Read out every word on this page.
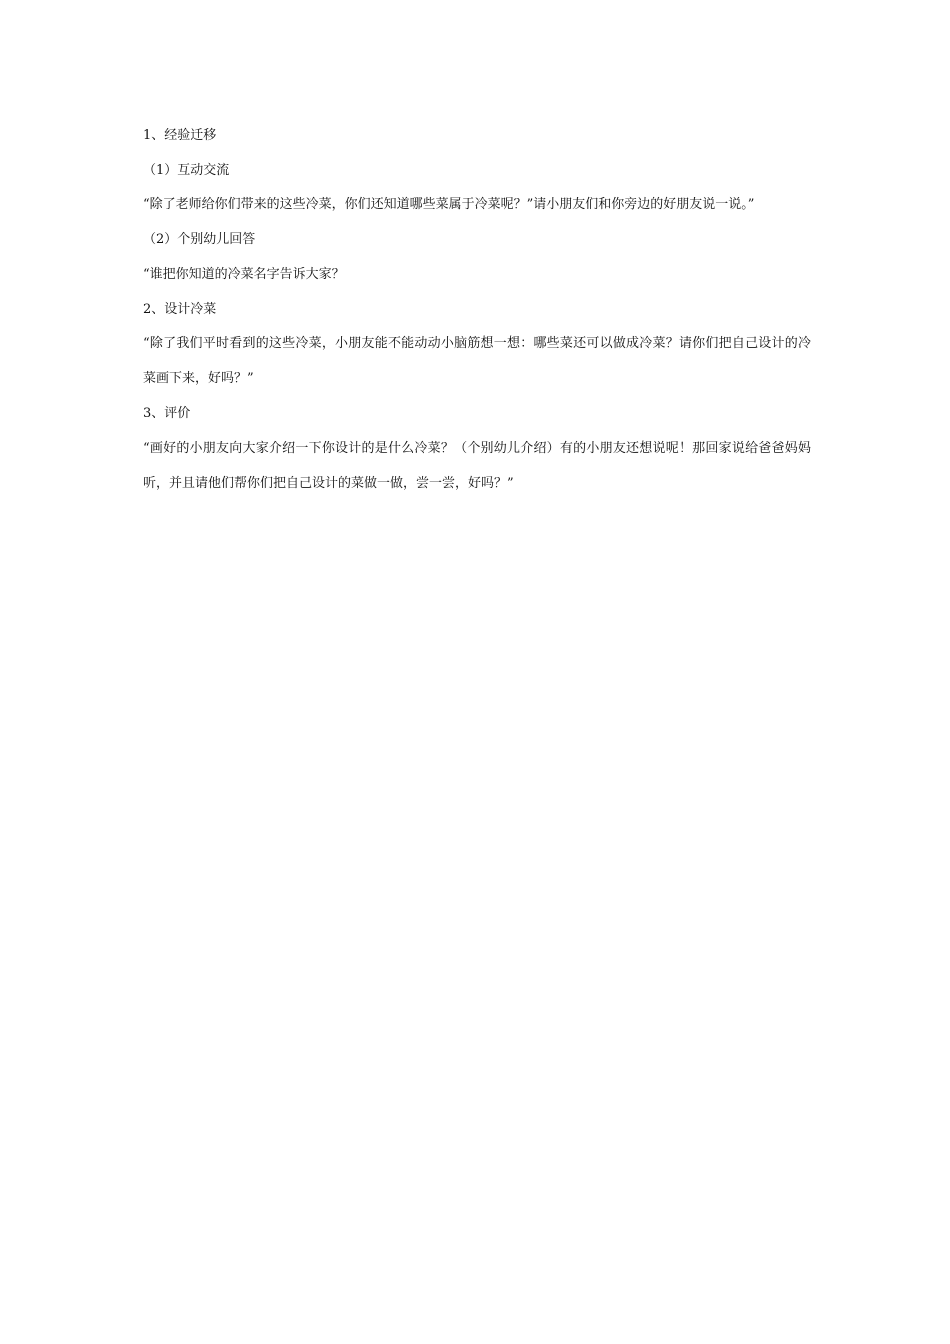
1、经验迁移
（1）互动交流

“除了老师给你们带来的这些冷菜，你们还知道哪些菜属于冷菜呢？”请小朋友们和你旁边的好朋友说一说。”

（2）个别幼儿回答
“谁把你知道的冷菜名字告诉大家？
2、设计冷菜

“除了我们平时看到的这些冷菜，小朋友能不能动动小脑筋想一想：哪些菜还可以做成冷菜？请你们把自己设计的冷菜画下来，好吗？”

3、评价

“画好的小朋友向大家介绍一下你设计的是什么冷菜？（个别幼儿介绍）有的小朋友还想说呢！那回家说给爸爸妈妈听，并且请他们帮你们把自己设计的菜做一做，尝一尝，好吗？”
